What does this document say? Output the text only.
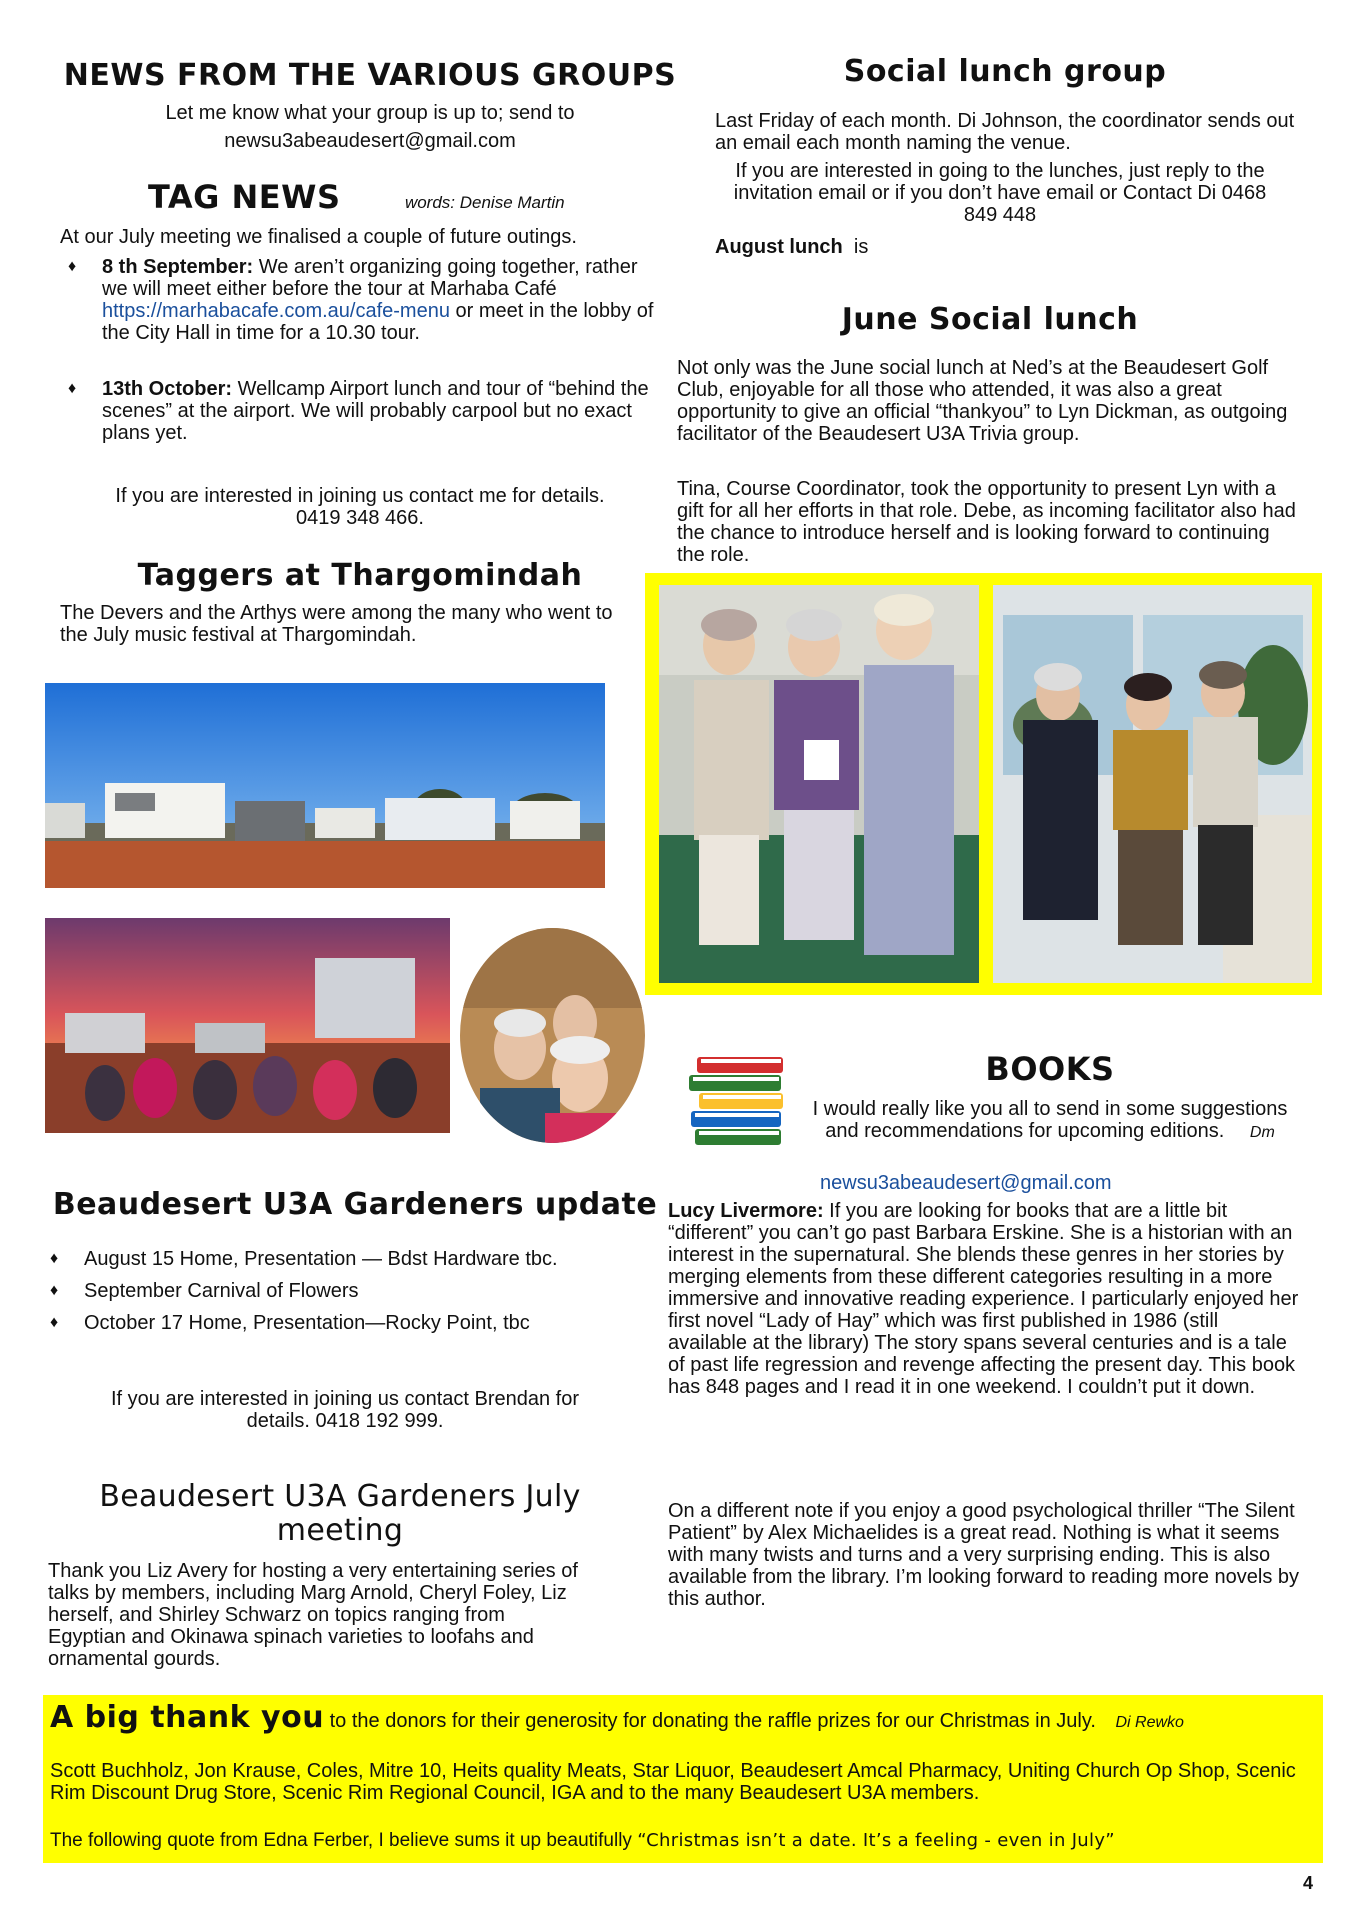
NEWS FROM THE VARIOUS GROUPS
Let me know what your group is up to; send to
newsu3abeaudesert@gmail.com
TAG NEWS	words: Denise Martin
At our July meeting we finalised a couple of future outings.
♦ 8 th September: We aren’t organizing going together, rather we will meet either before the tour at Marhaba Café https://marhabacafe.com.au/cafe-menu or meet in the lobby of the City Hall in time for a 10.30 tour.
♦ 13th October: Wellcamp Airport lunch and tour of “behind the scenes” at the airport. We will probably carpool but no exact plans yet.
If you are interested in joining us contact me for details.
0419 348 466.
Taggers at Thargomindah
The Devers and the Arthys were among the many who went to the July music festival at Thargomindah.
Beaudesert U3A Gardeners update
♦ August 15 Home, Presentation — Bdst Hardware tbc.
♦ September Carnival of Flowers
♦ October 17 Home, Presentation—Rocky Point, tbc
If you are interested in joining us contact Brendan for
details. 0418 192 999.
Beaudesert U3A Gardeners July
meeting
Thank you Liz Avery for hosting a very entertaining series of talks by members, including Marg Arnold, Cheryl Foley, Liz herself, and Shirley Schwarz on topics ranging from Egyptian and Okinawa spinach varieties to loofahs and ornamental gourds.
Social lunch group
Last Friday of each month. Di Johnson, the coordinator sends out an email each month naming the venue.
If you are interested in going to the lunches, just reply to the invitation email or if you don’t have email or Contact Di 0468 849 448
August lunch  is
June Social lunch
Not only was the June social lunch at Ned’s at the Beaudesert Golf Club, enjoyable for all those who attended, it was also a great opportunity to give an official “thankyou” to Lyn Dickman, as outgoing facilitator of the Beaudesert U3A Trivia group.
Tina, Course Coordinator, took the opportunity to present Lyn with a gift for all her efforts in that role. Debe, as incoming facilitator also had the chance to introduce herself and is looking forward to continuing the role.
BOOKS
I would really like you all to send in some suggestions and recommendations for upcoming editions. Dm
newsu3abeaudesert@gmail.com
Lucy Livermore: If you are looking for books that are a little bit “different” you can’t go past Barbara Erskine. She is a historian with an interest in the supernatural. She blends these genres in her stories by merging elements from these different categories resulting in a more immersive and innovative reading experience. I particularly enjoyed her first novel “Lady of Hay” which was first published in 1986 (still available at the library) The story spans several centuries and is a tale of past life regression and revenge affecting the present day. This book has 848 pages and I read it in one weekend. I couldn’t put it down.
On a different note if you enjoy a good psychological thriller “The Silent Patient” by Alex Michaelides is a great read. Nothing is what it seems with many twists and turns and a very surprising ending. This is also available from the library. I’m looking forward to reading more novels by this author.
A big thank you to the donors for their generosity for donating the raffle prizes for our Christmas in July. Di Rewko
Scott Buchholz, Jon Krause, Coles, Mitre 10, Heits quality Meats, Star Liquor, Beaudesert Amcal Pharmacy, Uniting Church Op Shop, Scenic Rim Discount Drug Store, Scenic Rim Regional Council, IGA and to the many Beaudesert U3A members.
The following quote from Edna Ferber, I believe sums it up beautifully “Christmas isn’t a date. It’s a feeling - even in July”
4
